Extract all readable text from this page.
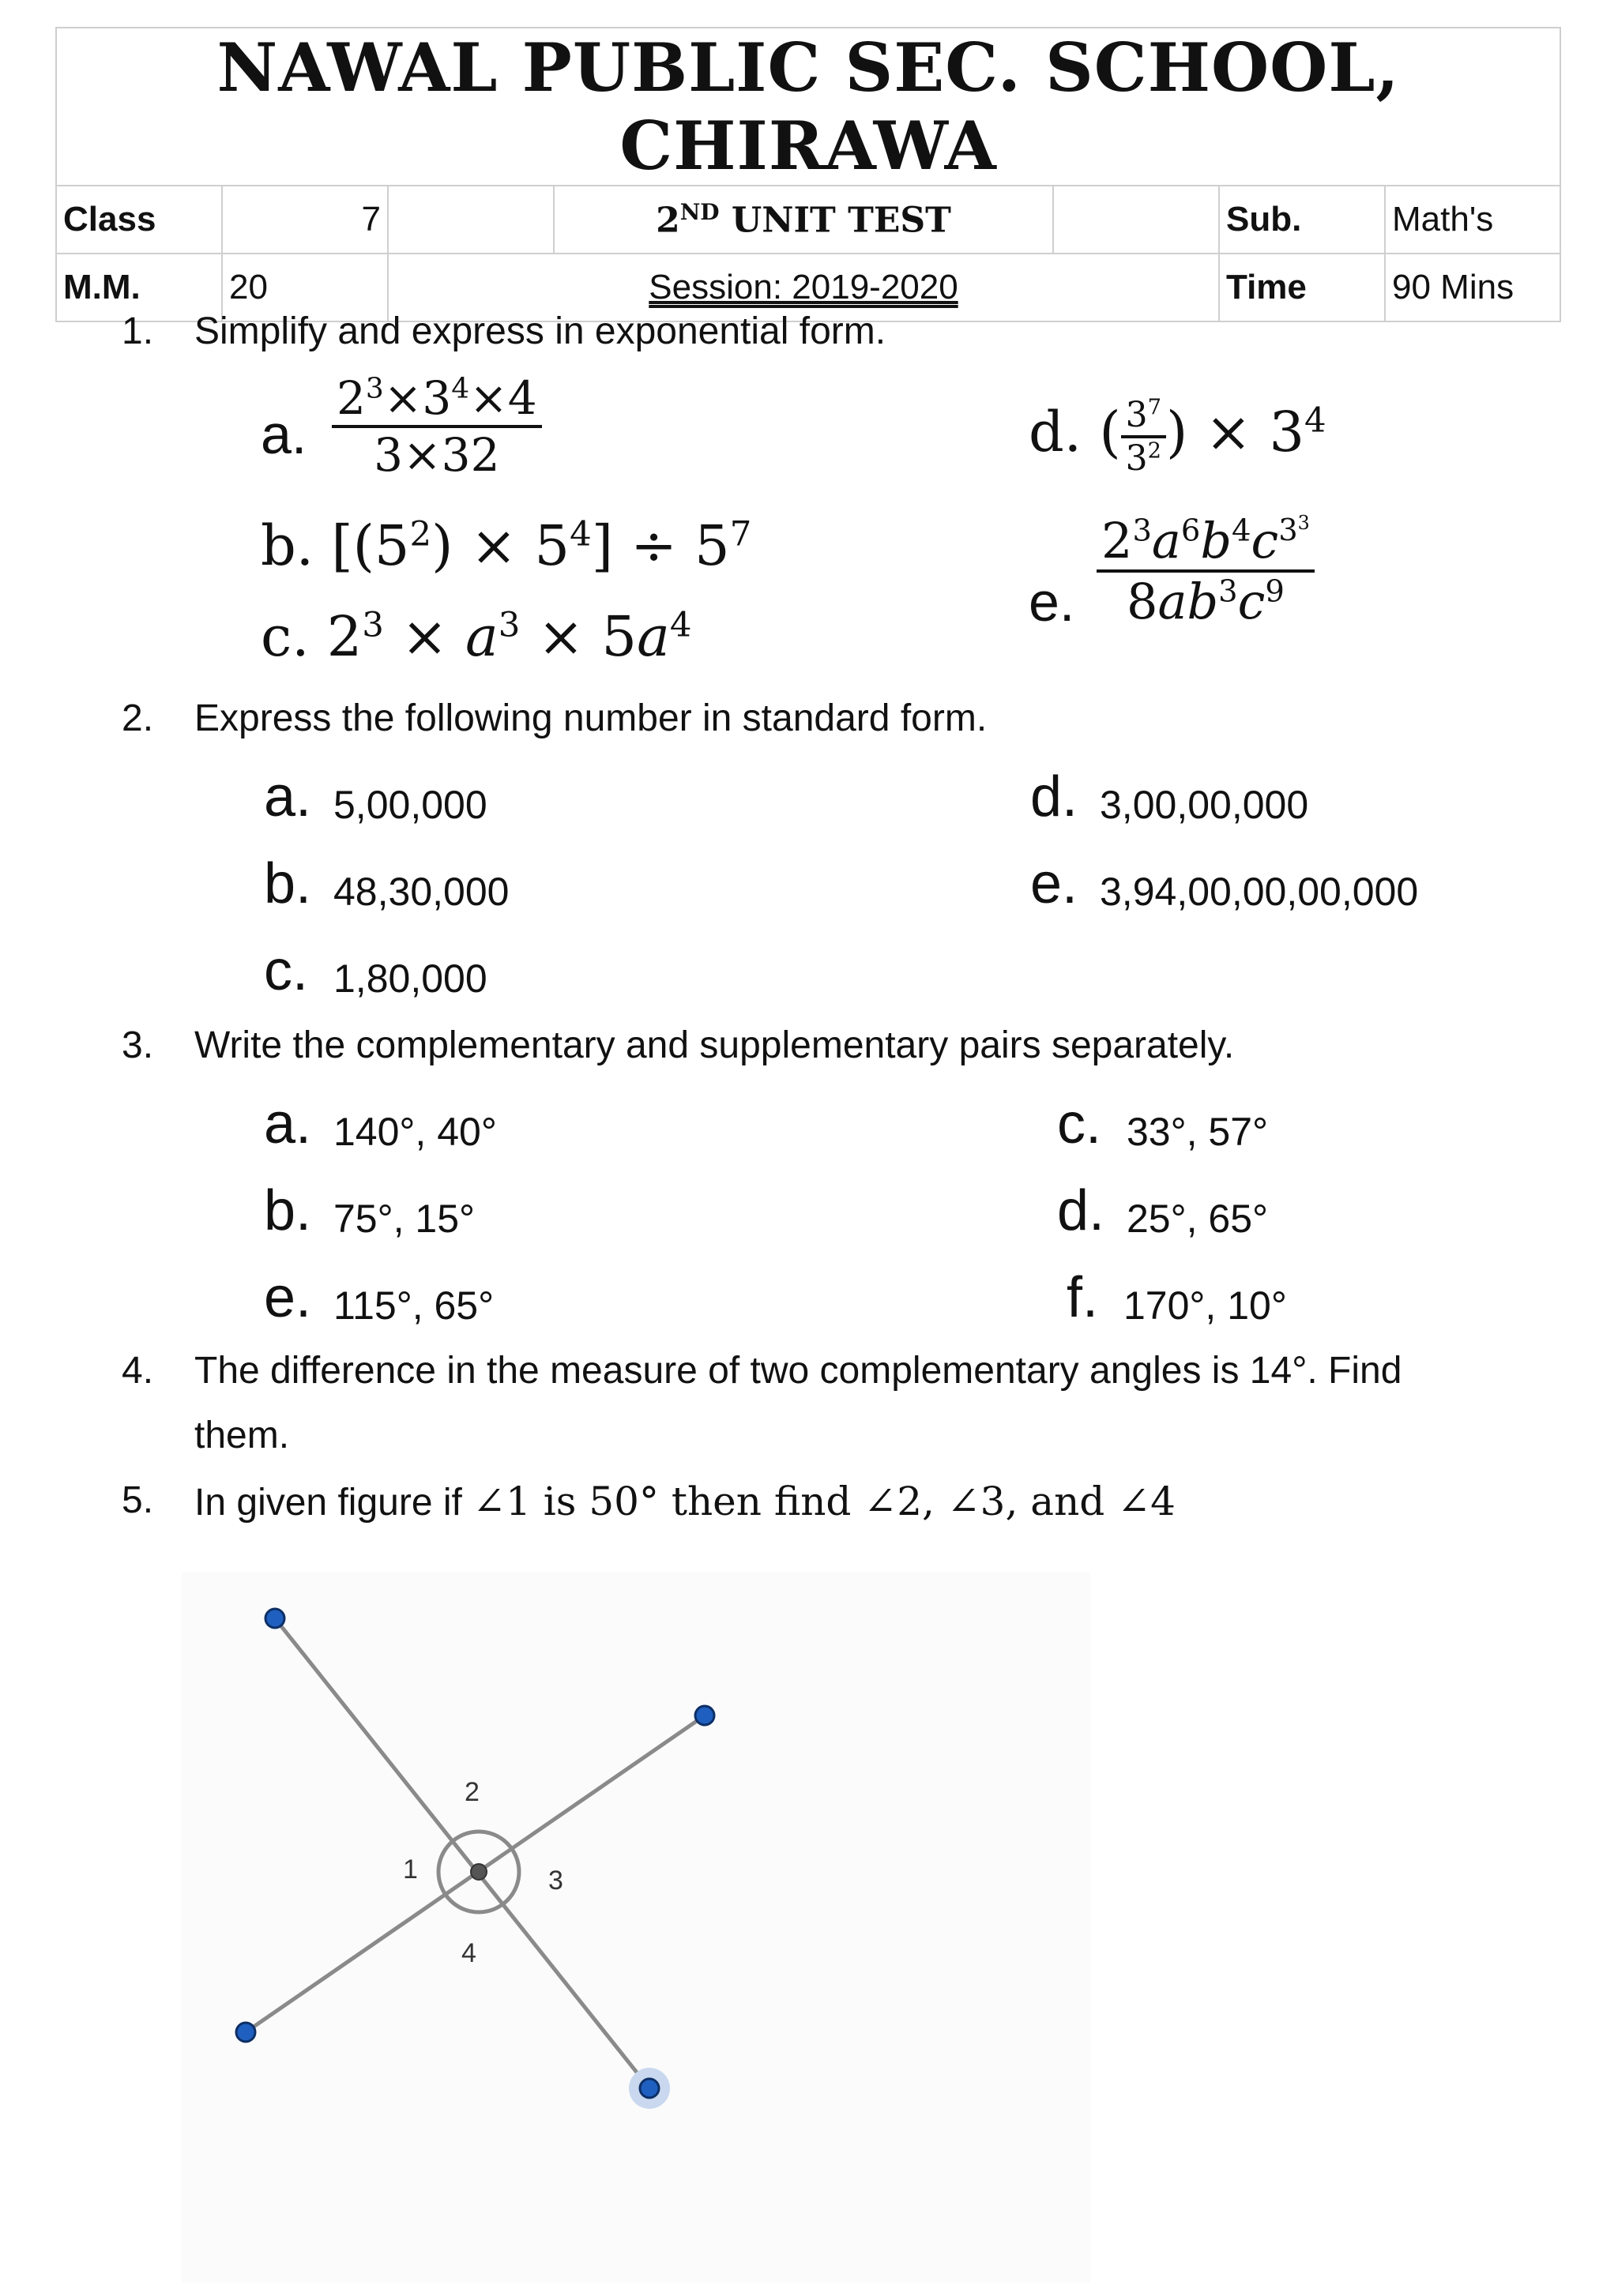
NAWAL PUBLIC SEC. SCHOOL, CHIRAWA						
Class	7		2ND UNIT TEST		Sub.	Math's
M.M.	20	Session: 2019-2020			Time	90 Mins
1. Simplify and express in exponential form.
a. $\frac{2^3\times 3^4\times 4}{3\times 32}$
b. $[(5^2) \times 5^4] \div 5^7$
c. $2^3 \times a^3 \times 5a^4$
d. ( $\frac{3^7}{3^2}$ ) × $3^4$
e. $\frac{2^3a^6b^4c^{3^3}}{8ab^3c^9}$
2. Express the following number in standard form.
a. 5,00,000
b. 48,30,000
c. 1,80,000
d. 3,00,00,000
e. 3,94,00,00,00,000
3. Write the complementary and supplementary pairs separately.
a. 140°, 40°
b. 75°, 15°
e. 115°, 65°
c. 33°, 57°
d. 25°, 65°
f. 170°, 10°
4. The difference in the measure of two complementary angles is 14°. Find
them.
5. In given figure if ∠1 is 50° then find ∠2, ∠3, and ∠4
1
2
3
4
